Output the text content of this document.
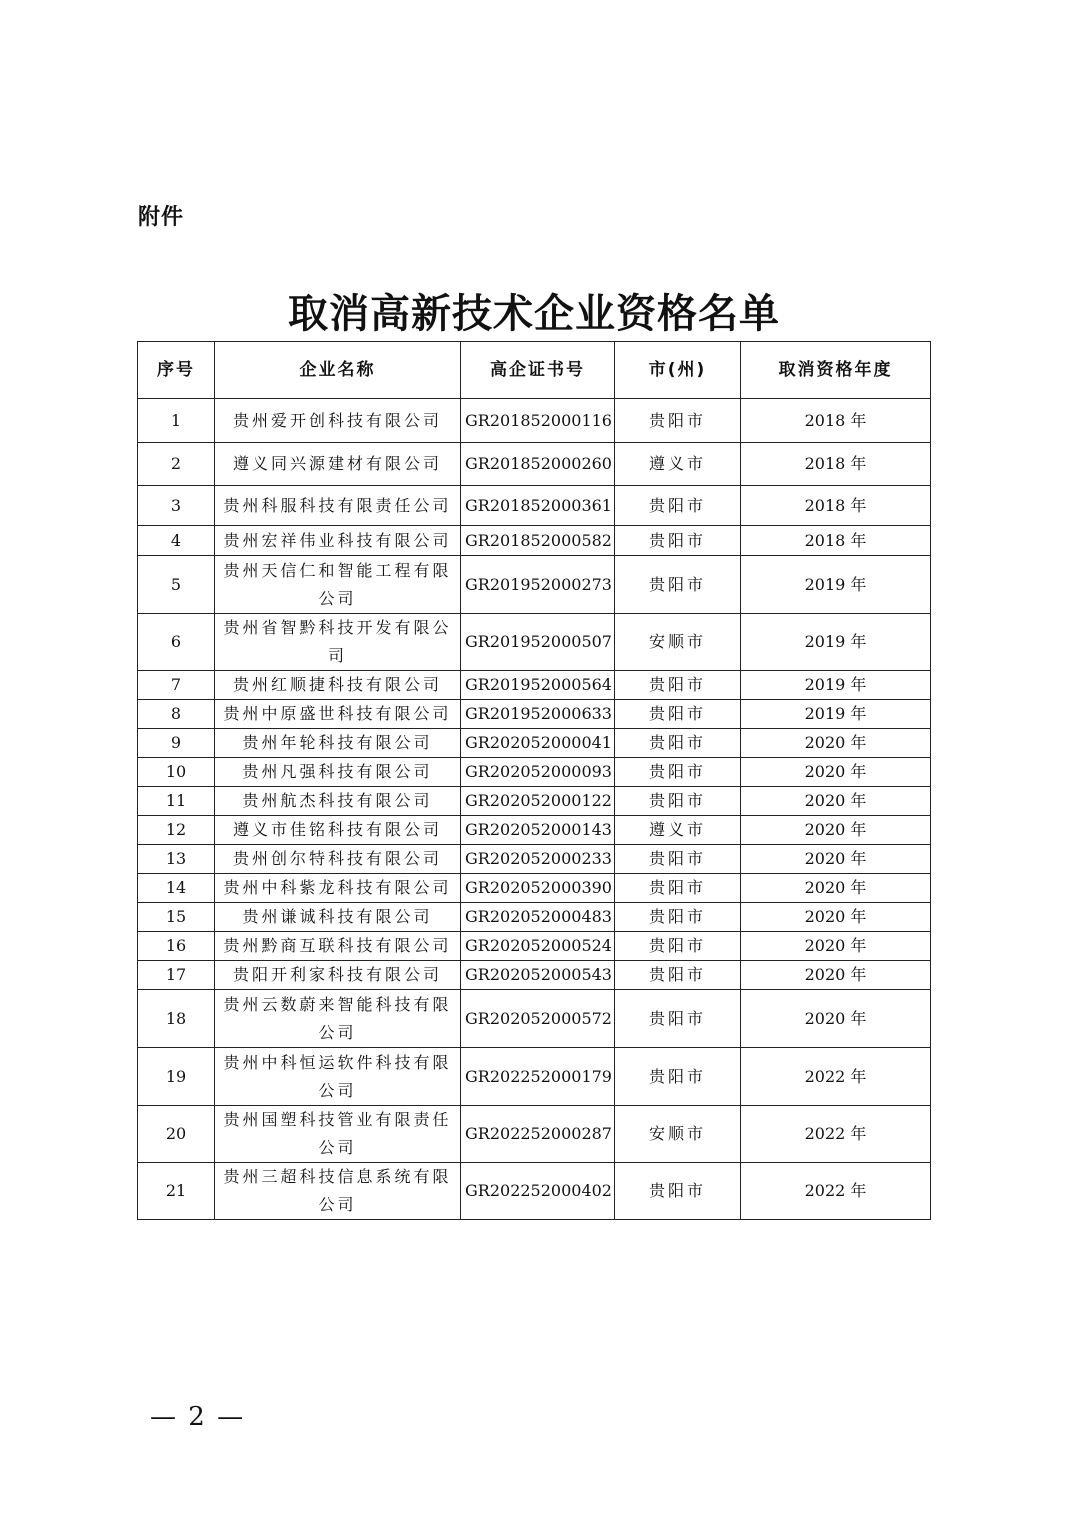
附件
取消高新技术企业资格名单
序号	企业名称	高企证书号	市(州)	取消资格年度
1	贵州爱开创科技有限公司	GR201852000116	贵阳市	2018 年
2	遵义同兴源建材有限公司	GR201852000260	遵义市	2018 年
3	贵州科服科技有限责任公司	GR201852000361	贵阳市	2018 年
4	贵州宏祥伟业科技有限公司	GR201852000582	贵阳市	2018 年
5	贵州天信仁和智能工程有限公司	GR201952000273	贵阳市	2019 年
6	贵州省智黔科技开发有限公司	GR201952000507	安顺市	2019 年
7	贵州红顺捷科技有限公司	GR201952000564	贵阳市	2019 年
8	贵州中原盛世科技有限公司	GR201952000633	贵阳市	2019 年
9	贵州年轮科技有限公司	GR202052000041	贵阳市	2020 年
10	贵州凡强科技有限公司	GR202052000093	贵阳市	2020 年
11	贵州航杰科技有限公司	GR202052000122	贵阳市	2020 年
12	遵义市佳铭科技有限公司	GR202052000143	遵义市	2020 年
13	贵州创尔特科技有限公司	GR202052000233	贵阳市	2020 年
14	贵州中科紫龙科技有限公司	GR202052000390	贵阳市	2020 年
15	贵州谦诚科技有限公司	GR202052000483	贵阳市	2020 年
16	贵州黔商互联科技有限公司	GR202052000524	贵阳市	2020 年
17	贵阳开利家科技有限公司	GR202052000543	贵阳市	2020 年
18	贵州云数蔚来智能科技有限公司	GR202052000572	贵阳市	2020 年
19	贵州中科恒运软件科技有限公司	GR202252000179	贵阳市	2022 年
20	贵州国塑科技管业有限责任公司	GR202252000287	安顺市	2022 年
21	贵州三超科技信息系统有限公司	GR202252000402	贵阳市	2022 年
— 2 —
